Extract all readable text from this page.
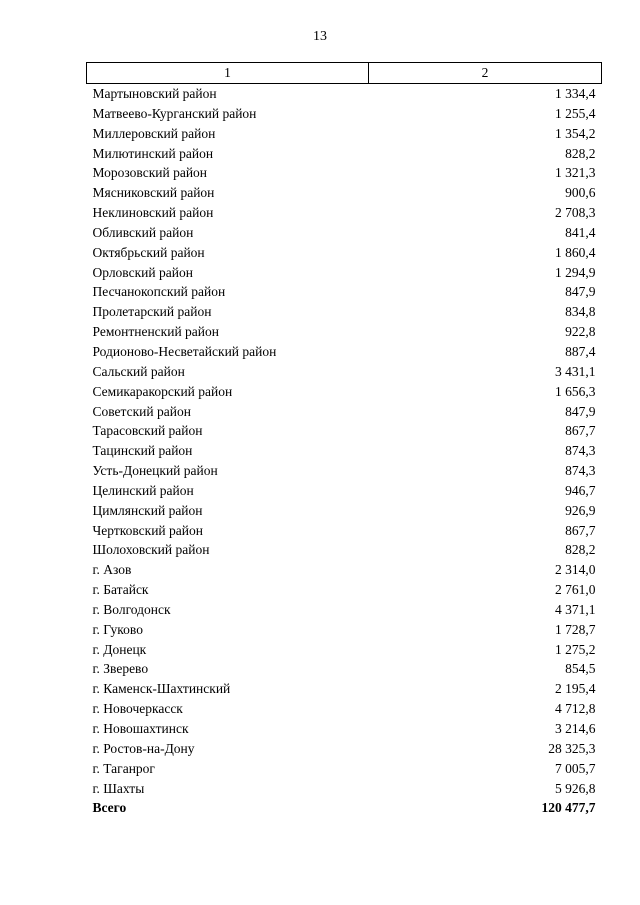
13
1	2
Мартыновский район	1 334,4
Матвеево-Курганский район	1 255,4
Миллеровский район	1 354,2
Милютинский район	828,2
Морозовский район	1 321,3
Мясниковский район	900,6
Неклиновский район	2 708,3
Обливский район	841,4
Октябрьский район	1 860,4
Орловский район	1 294,9
Песчанокопский район	847,9
Пролетарский район	834,8
Ремонтненский район	922,8
Родионово-Несветайский район	887,4
Сальский район	3 431,1
Семикаракорский район	1 656,3
Советский район	847,9
Тарасовский район	867,7
Тацинский район	874,3
Усть-Донецкий район	874,3
Целинский район	946,7
Цимлянский район	926,9
Чертковский район	867,7
Шолоховский район	828,2
г. Азов	2 314,0
г. Батайск	2 761,0
г. Волгодонск	4 371,1
г. Гуково	1 728,7
г. Донецк	1 275,2
г. Зверево	854,5
г. Каменск-Шахтинский	2 195,4
г. Новочеркасск	4 712,8
г. Новошахтинск	3 214,6
г. Ростов-на-Дону	28 325,3
г. Таганрог	7 005,7
г. Шахты	5 926,8
Всего	120 477,7
